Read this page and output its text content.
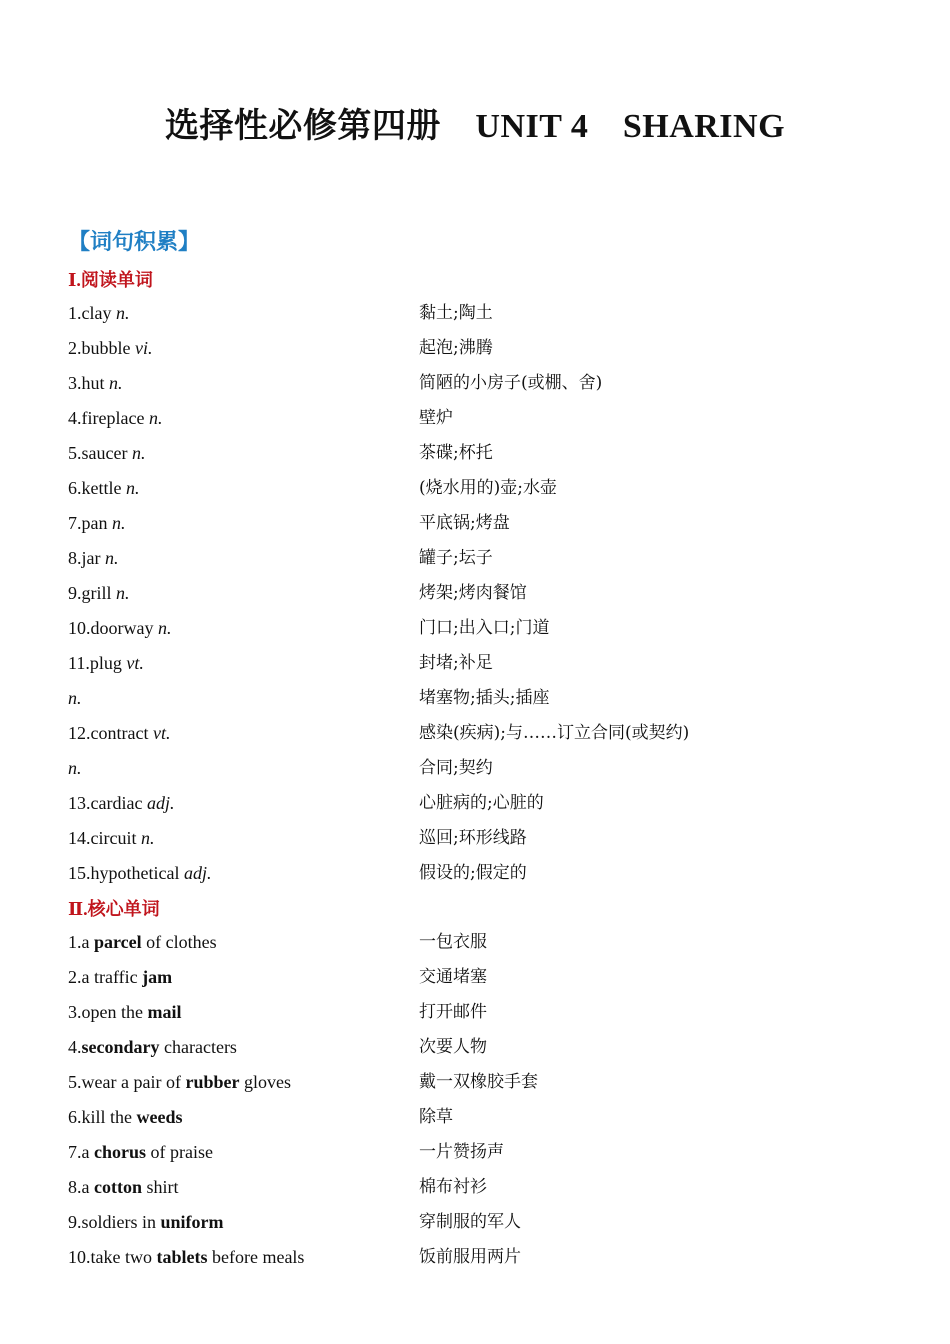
选择性必修第四册　UNIT 4　SHARING
【词句积累】
Ⅰ.阅读单词
1.clay n.	黏土;陶土
2.bubble vi.	起泡;沸腾
3.hut n.	简陋的小房子(或棚、舍)
4.fireplace n.	壁炉
5.saucer n.	茶碟;杯托
6.kettle n.	(烧水用的)壶;水壶
7.pan n.	平底锅;烤盘
8.jar n.	罐子;坛子
9.grill n.	烤架;烤肉餐馆
10.doorway n.	门口;出入口;门道
11.plug vt.	封堵;补足
n.	堵塞物;插头;插座
12.contract vt.	感染(疾病);与……订立合同(或契约)
n.	合同;契约
13.cardiac adj.	心脏病的;心脏的
14.circuit n.	巡回;环形线路
15.hypothetical adj.	假设的;假定的
Ⅱ.核心单词
1.a parcel of clothes	一包衣服
2.a traffic jam	交通堵塞
3.open the mail	打开邮件
4.secondary characters	次要人物
5.wear a pair of rubber gloves	戴一双橡胶手套
6.kill the weeds	除草
7.a chorus of praise	一片赞扬声
8.a cotton shirt	棉布衬衫
9.soldiers in uniform	穿制服的军人
10.take two tablets before meals	饭前服用两片
